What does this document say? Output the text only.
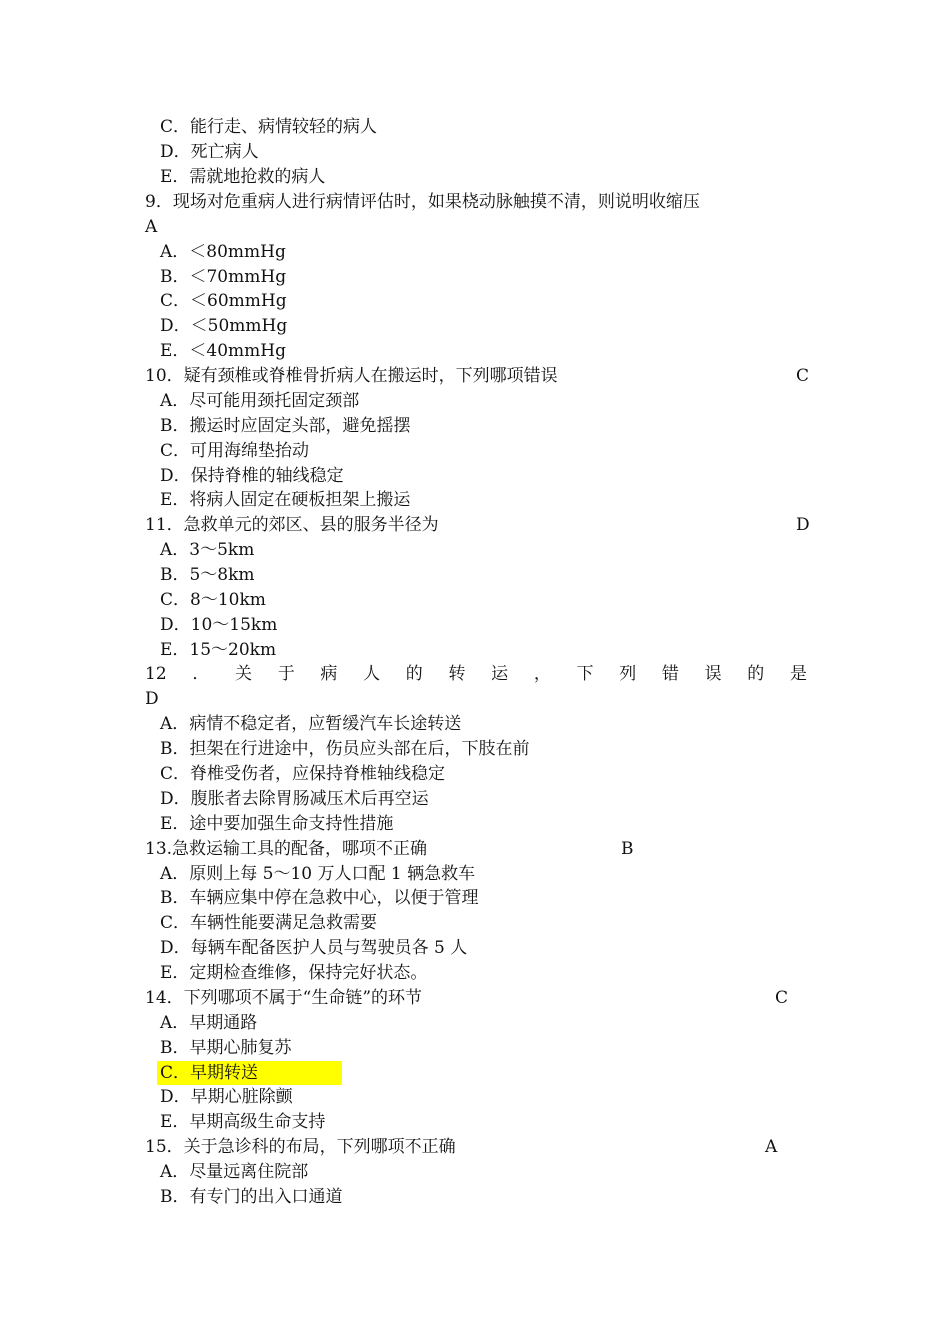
C．能行走、病情较轻的病人
D．死亡病人
E．需就地抢救的病人
9．现场对危重病人进行病情评估时，如果桡动脉触摸不清，则说明收缩压
A
A．＜80mmHg
B．＜70mmHg
C．＜60mmHg
D．＜50mmHg
E．＜40mmHg
10．疑有颈椎或脊椎骨折病人在搬运时，下列哪项错误	C
A．尽可能用颈托固定颈部
B．搬运时应固定头部，避免摇摆
C．可用海绵垫抬动
D．保持脊椎的轴线稳定
E．将病人固定在硬板担架上搬运
11．急救单元的郊区、县的服务半径为	D
A．3～5km
B．5～8km
C．8～10km
D．10～15km
E．15～20km
12 ． 关 于 病 人 的 转 运 ， 下 列 错 误 的 是
D
A．病情不稳定者，应暂缓汽车长途转送
B．担架在行进途中，伤员应头部在后，下肢在前
C．脊椎受伤者，应保持脊椎轴线稳定
D．腹胀者去除胃肠减压术后再空运
E．途中要加强生命支持性措施
13.急救运输工具的配备，哪项不正确	B
A．原则上每 5～10 万人口配 1 辆急救车
B．车辆应集中停在急救中心，以便于管理
C．车辆性能要满足急救需要
D．每辆车配备医护人员与驾驶员各 5 人
E．定期检查维修，保持完好状态。
14．下列哪项不属于“生命链”的环节	C
A．早期通路
B．早期心肺复苏
C．早期转送
D．早期心脏除颤
E．早期高级生命支持
15．关于急诊科的布局，下列哪项不正确	A
A．尽量远离住院部
B．有专门的出入口通道
